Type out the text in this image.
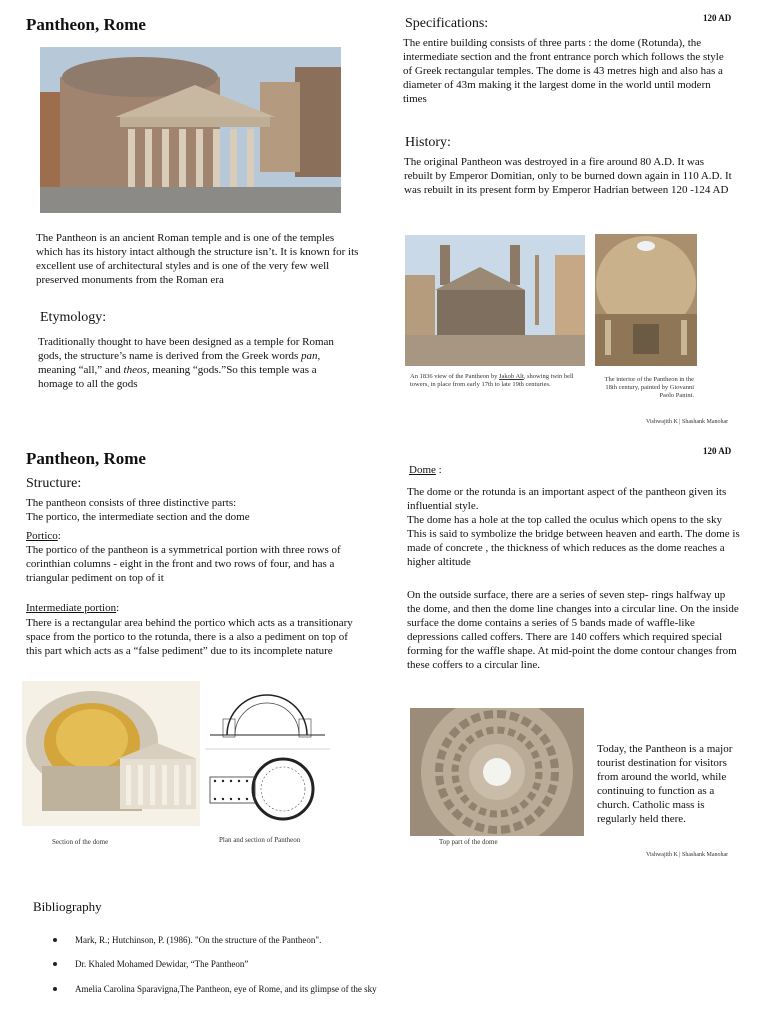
Pantheon, Rome	120 AD
The Pantheon is an ancient Roman temple and is one of the temples which has its history intact although the structure isn’t. It is known for its excellent use of architectural styles and is one of the very few well preserved monuments from the Roman era
Etymology:
Traditionally thought to have been designed as a temple for Roman gods, the structure’s name is derived from the Greek words pan, meaning “all,” and theos, meaning “gods.”So this temple was a homage to all the gods
Specifications:
The entire building consists of three parts : the dome (Rotunda), the intermediate section and the front entrance porch which follows the style of Greek rectangular temples. The dome is 43 metres high and also has a diameter of 43m making it the largest dome in the world until modern times
History:
The original Pantheon was destroyed in a fire around 80 A.D. It was rebuilt by Emperor Domitian, only to be burned down again in 110 A.D. It was rebuilt in its present form by Emperor Hadrian between 120 -124 AD
An 1836 view of the Pantheon by Jakob Alt, showing twin bell towers, in place from early 17th to late 19th centuries.
The interior of the Pantheon in the 18th century, painted by Giovanni Paolo Panini.
Vishwajith K | Shashank Manohar
Pantheon, Rome	120 AD
Structure:
The pantheon consists of three distinctive parts:
The portico, the intermediate section and the dome
Portico:
The portico of the pantheon is a symmetrical portion with three rows of corinthian columns - eight in the front and two rows of four, and has a triangular pediment on top of it
Intermediate portion:
There is a rectangular area behind the portico which acts as a transitionary space from the portico to the rotunda, there is a also a pediment on top of this part which acts as a “false pediment” due to its incomplete nature
Section of the dome	Plan and section of Pantheon
Dome :
The dome or the rotunda is an important aspect of the pantheon given its influential style.
The dome has a hole at the top called the oculus which opens to the sky
This is said to symbolize the bridge between heaven and earth. The dome is made of concrete , the thickness of which reduces as the dome reaches a higher altitude
On the outside surface, there are a series of seven step- rings halfway up the dome, and then the dome line changes into a circular line. On the inside surface the dome contains a series of 5 bands made of waffle-like depressions called coffers. There are 140 coffers which required special forming for the waffle shape. At mid-point the dome contour changes from these coffers to a circular line.
Today, the Pantheon is a major tourist destination for visitors from around the world, while continuing to function as a church. Catholic mass is regularly held there.
Top part of the dome
Vishwajith K | Shashank Manohar
Bibliography
Mark, R.; Hutchinson, P. (1986). "On the structure of the Pantheon".
Dr. Khaled Mohamed Dewidar, “The Pantheon”
Amelia Carolina Sparavigna,The Pantheon, eye of Rome, and its glimpse of the sky
